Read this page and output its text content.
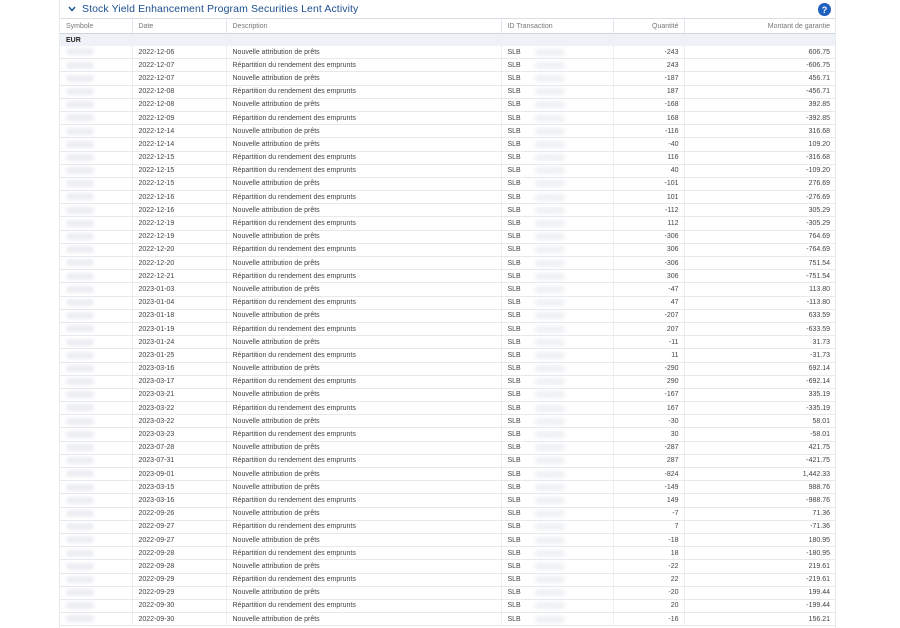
Stock Yield Enhancement Program Securities Lent Activity	?
Symbole	Date	Description	ID Transaction	Quantité	Montant de garantie
EUR					
	2022-12-06	Nouvelle attribution de prêts	SLB	-243	606.75
	2022-12-07	Répartition du rendement des emprunts	SLB	243	-606.75
	2022-12-07	Nouvelle attribution de prêts	SLB	-187	456.71
	2022-12-08	Répartition du rendement des emprunts	SLB	187	-456.71
	2022-12-08	Nouvelle attribution de prêts	SLB	-168	392.85
	2022-12-09	Répartition du rendement des emprunts	SLB	168	-392.85
	2022-12-14	Nouvelle attribution de prêts	SLB	-116	316.68
	2022-12-14	Nouvelle attribution de prêts	SLB	-40	109.20
	2022-12-15	Répartition du rendement des emprunts	SLB	116	-316.68
	2022-12-15	Répartition du rendement des emprunts	SLB	40	-109.20
	2022-12-15	Nouvelle attribution de prêts	SLB	-101	276.69
	2022-12-16	Répartition du rendement des emprunts	SLB	101	-276.69
	2022-12-16	Nouvelle attribution de prêts	SLB	-112	305.29
	2022-12-19	Répartition du rendement des emprunts	SLB	112	-305.29
	2022-12-19	Nouvelle attribution de prêts	SLB	-306	764.69
	2022-12-20	Répartition du rendement des emprunts	SLB	306	-764.69
	2022-12-20	Nouvelle attribution de prêts	SLB	-306	751.54
	2022-12-21	Répartition du rendement des emprunts	SLB	306	-751.54
	2023-01-03	Nouvelle attribution de prêts	SLB	-47	113.80
	2023-01-04	Répartition du rendement des emprunts	SLB	47	-113.80
	2023-01-18	Nouvelle attribution de prêts	SLB	-207	633.59
	2023-01-19	Répartition du rendement des emprunts	SLB	207	-633.59
	2023-01-24	Nouvelle attribution de prêts	SLB	-11	31.73
	2023-01-25	Répartition du rendement des emprunts	SLB	11	-31.73
	2023-03-16	Nouvelle attribution de prêts	SLB	-290	692.14
	2023-03-17	Répartition du rendement des emprunts	SLB	290	-692.14
	2023-03-21	Nouvelle attribution de prêts	SLB	-167	335.19
	2023-03-22	Répartition du rendement des emprunts	SLB	167	-335.19
	2023-03-22	Nouvelle attribution de prêts	SLB	-30	58.01
	2023-03-23	Répartition du rendement des emprunts	SLB	30	-58.01
	2023-07-28	Nouvelle attribution de prêts	SLB	-287	421.75
	2023-07-31	Répartition du rendement des emprunts	SLB	287	-421.75
	2023-09-01	Nouvelle attribution de prêts	SLB	-824	1,442.33
	2023-03-15	Nouvelle attribution de prêts	SLB	-149	988.76
	2023-03-16	Répartition du rendement des emprunts	SLB	149	-988.76
	2022-09-26	Nouvelle attribution de prêts	SLB	-7	71.36
	2022-09-27	Répartition du rendement des emprunts	SLB	7	-71.36
	2022-09-27	Nouvelle attribution de prêts	SLB	-18	180.95
	2022-09-28	Répartition du rendement des emprunts	SLB	18	-180.95
	2022-09-28	Nouvelle attribution de prêts	SLB	-22	219.61
	2022-09-29	Répartition du rendement des emprunts	SLB	22	-219.61
	2022-09-29	Nouvelle attribution de prêts	SLB	-20	199.44
	2022-09-30	Répartition du rendement des emprunts	SLB	20	-199.44
	2022-09-30	Nouvelle attribution de prêts	SLB	-16	156.21
